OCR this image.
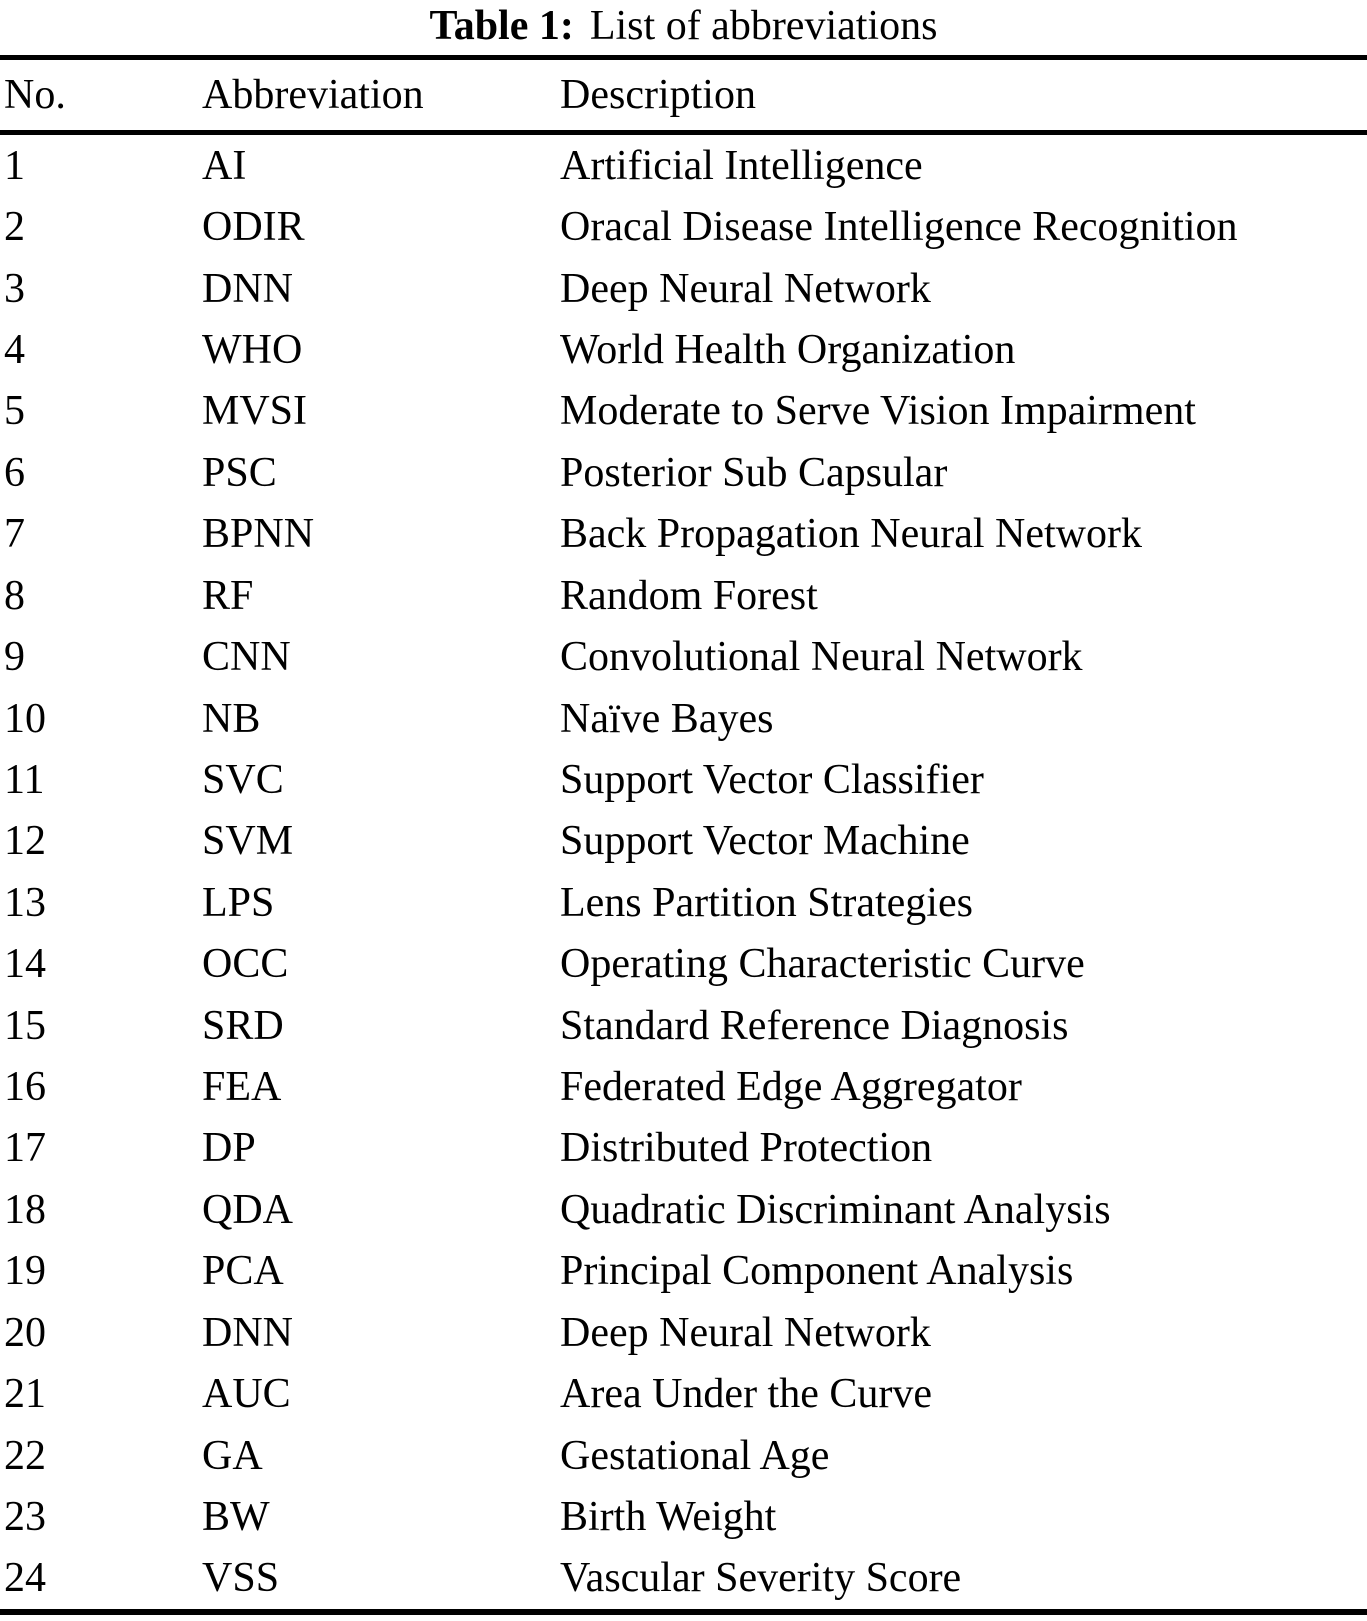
Table 1: List of abbreviations
No.	Abbreviation	Description
1	AI	Artificial Intelligence
2	ODIR	Oracal Disease Intelligence Recognition
3	DNN	Deep Neural Network
4	WHO	World Health Organization
5	MVSI	Moderate to Serve Vision Impairment
6	PSC	Posterior Sub Capsular
7	BPNN	Back Propagation Neural Network
8	RF	Random Forest
9	CNN	Convolutional Neural Network
10	NB	Naïve Bayes
11	SVC	Support Vector Classifier
12	SVM	Support Vector Machine
13	LPS	Lens Partition Strategies
14	OCC	Operating Characteristic Curve
15	SRD	Standard Reference Diagnosis
16	FEA	Federated Edge Aggregator
17	DP	Distributed Protection
18	QDA	Quadratic Discriminant Analysis
19	PCA	Principal Component Analysis
20	DNN	Deep Neural Network
21	AUC	Area Under the Curve
22	GA	Gestational Age
23	BW	Birth Weight
24	VSS	Vascular Severity Score
